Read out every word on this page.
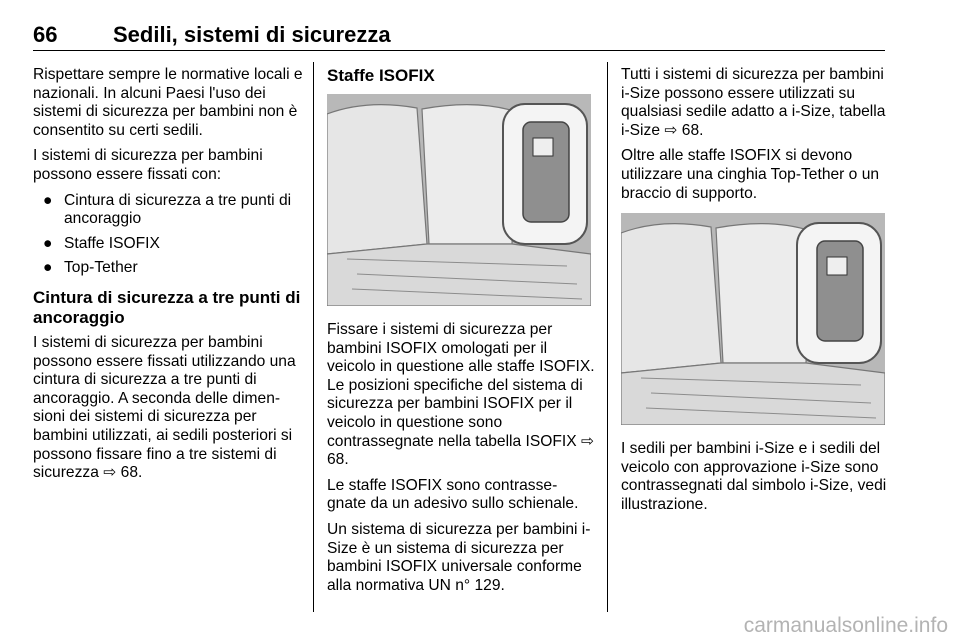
66	Sedili, sistemi di sicurezza

Rispettare sempre le normative locali e nazionali. In alcuni Paesi l'uso dei sistemi di sicurezza per bambini non è consentito su certi sedili.

I sistemi di sicurezza per bambini possono essere fissati con:

● Cintura di sicurezza a tre punti di ancoraggio
● Staffe ISOFIX
● Top-Tether
Cintura di sicurezza a tre punti di ancoraggio

I sistemi di sicurezza per bambini possono essere fissati utilizzando una cintura di sicurezza a tre punti di ancoraggio. A seconda delle dimen- sioni dei sistemi di sicurezza per bambini utilizzati, ai sedili posteriori si possono fissare fino a tre sistemi di sicurezza ⇨ 68.

Staffe ISOFIX

Fissare i sistemi di sicurezza per bambini ISOFIX omologati per il veicolo in questione alle staffe ISOFIX. Le posizioni specifiche del sistema di sicurezza per bambini ISOFIX per il veicolo in questione sono contrassegnate nella tabella ISOFIX ⇨ 68.

Le staffe ISOFIX sono contrasse- gnate da un adesivo sullo schienale.

Un sistema di sicurezza per bambini i-Size è un sistema di sicurezza per bambini ISOFIX universale conforme alla normativa UN n° 129.

Tutti i sistemi di sicurezza per bambini i-Size possono essere utilizzati su qualsiasi sedile adatto a i-Size, tabella i-Size ⇨ 68.

Oltre alle staffe ISOFIX si devono utilizzare una cinghia Top-Tether o un braccio di supporto.

I sedili per bambini i-Size e i sedili del veicolo con approvazione i-Size sono contrassegnati dal simbolo i-Size, vedi illustrazione.

carmanualsonline.info
